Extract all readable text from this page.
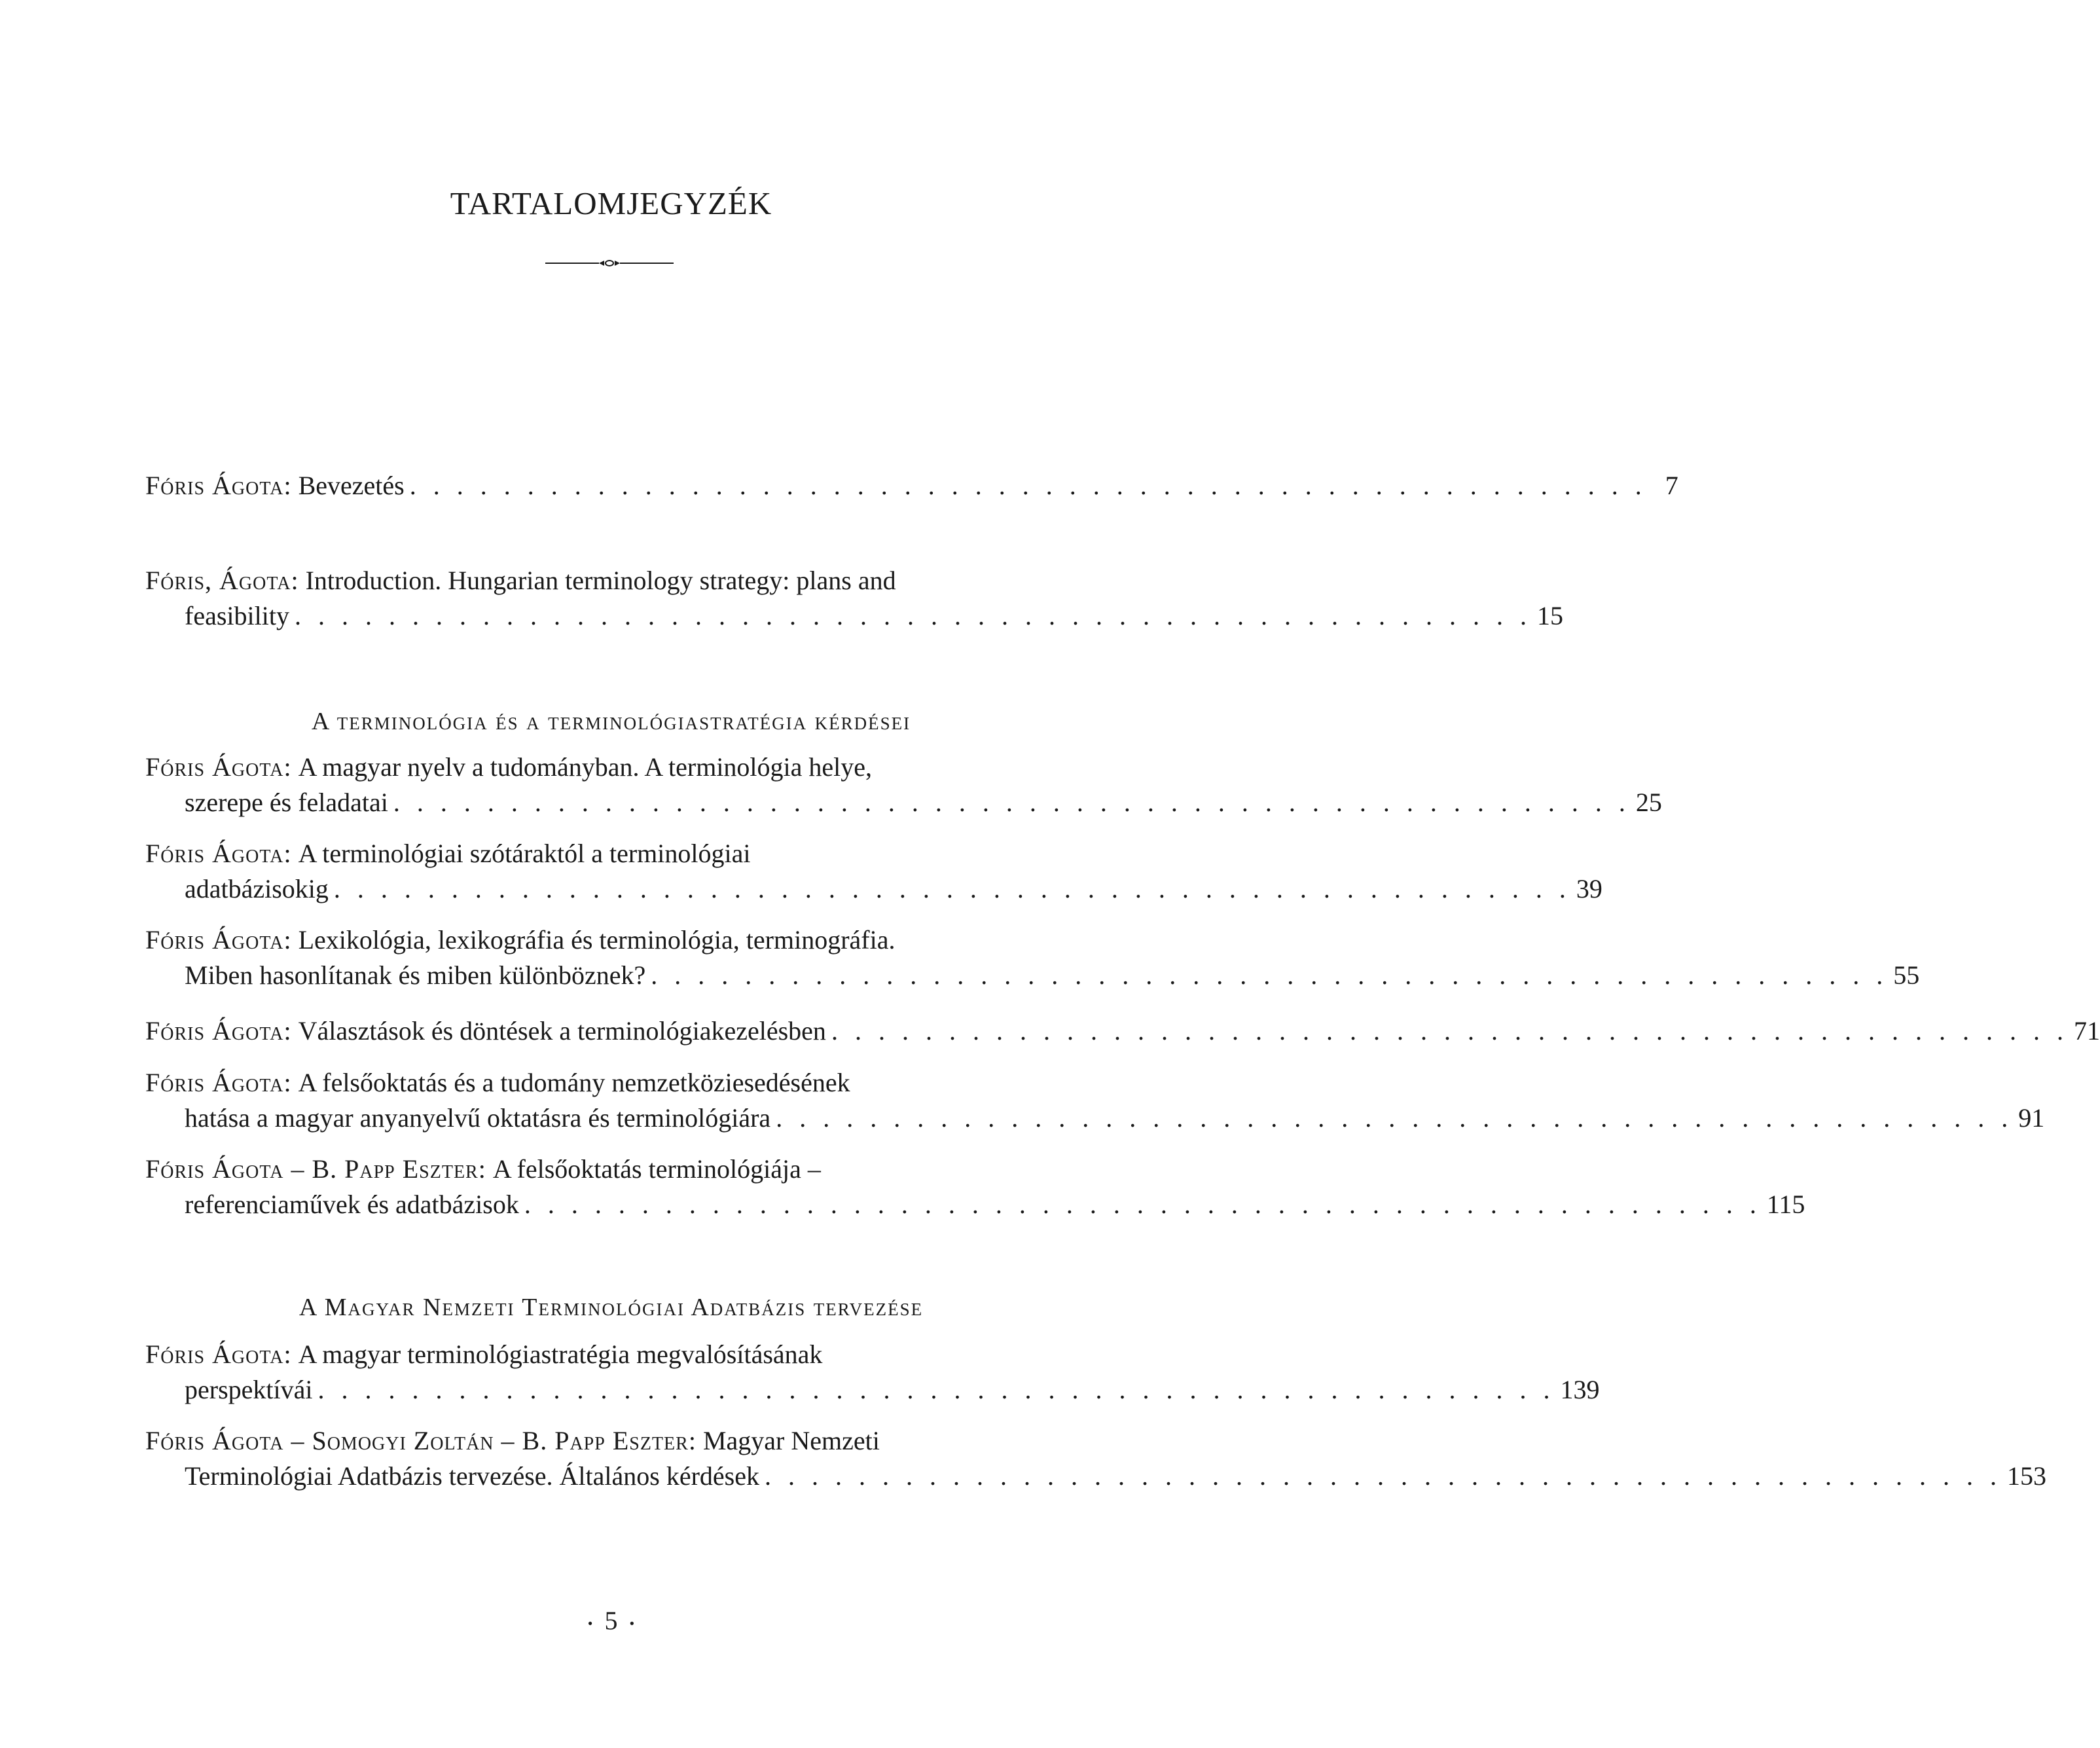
TARTALOMJEGYZÉK
Fóris Ágota:
Bevezetés . . . . . . . . . . . . . . . . . . . . . . . . . . . . . . . . . . . . . . . . . . . . . . . . . . . . . 7
Fóris, Ágota: Introduction. Hungarian terminology strategy: plans and
feasibility . . . . . . . . . . . . . . . . . . . . . . . . . . . . . . . . . . . . . . . . . . . . . . . . . . . . . 15
A terminológia és a terminológiastratégia kérdései
Fóris Ágota: A magyar nyelv a tudományban. A terminológia helye,
szerepe és feladatai . . . . . . . . . . . . . . . . . . . . . . . . . . . . . . . . . . . . . . . . . . . . . . . . . . . . . 25
Fóris Ágota: A terminológiai szótáraktól a terminológiai
adatbázisokig . . . . . . . . . . . . . . . . . . . . . . . . . . . . . . . . . . . . . . . . . . . . . . . . . . . . . 39
Fóris Ágota: Lexikológia, lexikográfia és terminológia, terminográfia.
Miben hasonlítanak és miben különböznek? . . . . . . . . . . . . . . . . . . . . . . . . . . . . . . . . . . . . . . . . . . . . . . . . . . . . . 55
Fóris Ágota:
Választások és döntések a terminológiakezelésben . . . . . . . . . . . . . . . . . . . . . . . . . . . . . . . . . . . . . . . . . . . . . . . . . . . . . 71
Fóris Ágota: A felsőoktatás és a tudomány nemzetköziesedésének
hatása a magyar anyanyelvű oktatásra és terminológiára . . . . . . . . . . . . . . . . . . . . . . . . . . . . . . . . . . . . . . . . . . . . . . . . . . . . . 91
Fóris Ágota – B. Papp Eszter: A felsőoktatás terminológiája –
referenciaművek és adatbázisok . . . . . . . . . . . . . . . . . . . . . . . . . . . . . . . . . . . . . . . . . . . . . . . . . . . . . 115
A Magyar Nemzeti Terminológiai Adatbázis tervezése
Fóris Ágota: A magyar terminológiastratégia megvalósításának
perspektívái . . . . . . . . . . . . . . . . . . . . . . . . . . . . . . . . . . . . . . . . . . . . . . . . . . . . . 139
Fóris Ágota – Somogyi Zoltán – B. Papp Eszter: Magyar Nemzeti
Terminológiai Adatbázis tervezése. Általános kérdések . . . . . . . . . . . . . . . . . . . . . . . . . . . . . . . . . . . . . . . . . . . . . . . . . . . . . 153
• 5 •
